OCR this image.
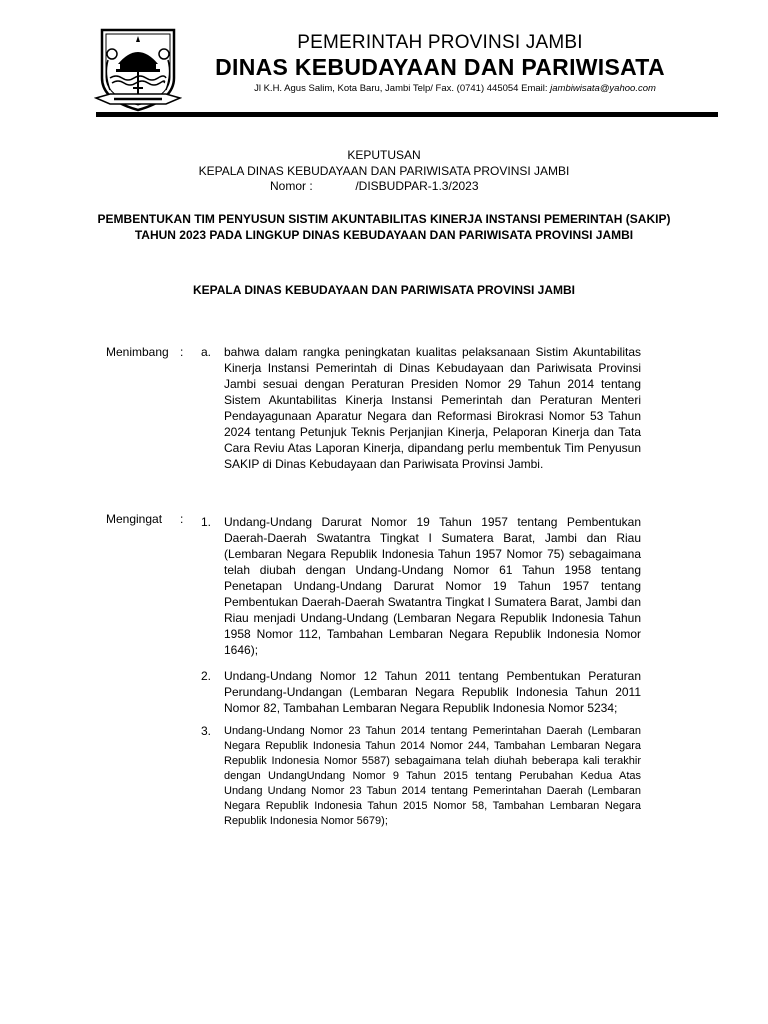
PEMERINTAH PROVINSI JAMBI
DINAS KEBUDAYAAN DAN PARIWISATA
Jl K.H. Agus Salim, Kota Baru, Jambi Telp/ Fax. (0741) 445054 Email: jambiwisata@yahoo.com
KEPUTUSAN
KEPALA DINAS KEBUDAYAAN DAN PARIWISATA PROVINSI JAMBI
Nomor :	/DISBUDPAR-1.3/2023
PEMBENTUKAN TIM PENYUSUN SISTIM AKUNTABILITAS KINERJA INSTANSI PEMERINTAH (SAKIP)
TAHUN 2023 PADA LINGKUP DINAS KEBUDAYAAN DAN PARIWISATA PROVINSI JAMBI
KEPALA DINAS KEBUDAYAAN DAN PARIWISATA PROVINSI JAMBI
Menimbang : a. bahwa dalam rangka peningkatan kualitas pelaksanaan Sistim Akuntabilitas Kinerja Instansi Pemerintah di Dinas Kebudayaan dan Pariwisata Provinsi Jambi sesuai dengan Peraturan Presiden Nomor 29 Tahun 2014 tentang Sistem Akuntabilitas Kinerja Instansi Pemerintah dan Peraturan Menteri Pendayagunaan Aparatur Negara dan Reformasi Birokrasi Nomor 53 Tahun 2024 tentang Petunjuk Teknis Perjanjian Kinerja, Pelaporan Kinerja dan Tata Cara Reviu Atas Laporan Kinerja, dipandang perlu membentuk Tim Penyusun SAKIP di Dinas Kebudayaan dan Pariwisata Provinsi Jambi.
Mengingat : 1. Undang-Undang Darurat Nomor 19 Tahun 1957 tentang Pembentukan Daerah-Daerah Swatantra Tingkat I Sumatera Barat, Jambi dan Riau (Lembaran Negara Republik Indonesia Tahun 1957 Nomor 75) sebagaimana telah diubah dengan Undang-Undang Nomor 61 Tahun 1958 tentang Penetapan Undang-Undang Darurat Nomor 19 Tahun 1957 tentang Pembentukan Daerah-Daerah Swatantra Tingkat I Sumatera Barat, Jambi dan Riau menjadi Undang-Undang (Lembaran Negara Republik Indonesia Tahun 1958 Nomor 112, Tambahan Lembaran Negara Republik Indonesia Nomor 1646);
2. Undang-Undang Nomor 12 Tahun 2011 tentang Pembentukan Peraturan Perundang-Undangan (Lembaran Negara Republik Indonesia Tahun 2011 Nomor 82, Tambahan Lembaran Negara Republik Indonesia Nomor 5234;
3. Undang-Undang Nomor 23 Tahun 2014 tentang Pemerintahan Daerah (Lembaran Negara Republik Indonesia Tahun 2014 Nomor 244, Tambahan Lembaran Negara Republik Indonesia Nomor 5587) sebagaimana telah diuhah beberapa kali terakhir dengan UndangUndang Nomor 9 Tahun 2015 tentang Perubahan Kedua Atas Undang Undang Nomor 23 Tabun 2014 tentang Pemerintahan Daerah (Lembaran Negara Republik Indonesia Tahun 2015 Nomor 58, Tambahan Lembaran Negara Republik Indonesia Nomor 5679);
